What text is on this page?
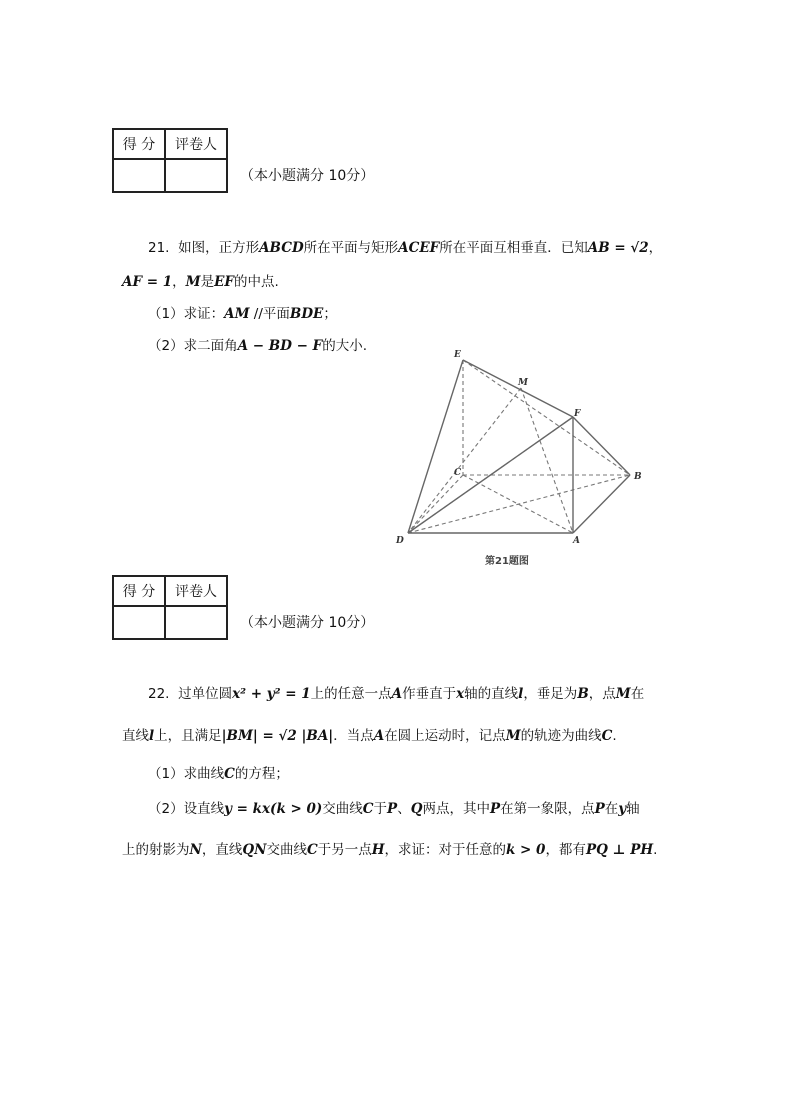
得 分	评卷人

（本小题满分 10分）
21. 如图，正方形ABCD所在平面与矩形ACEF所在平面互相垂直．已知AB = √2，
AF = 1，M是EF的中点.
（1）求证：AM //平面BDE；
（2）求二面角A − BD − F的大小.
E
M
F
C	B
D	A
第21题图
得 分	评卷人

（本小题满分 10分）
22. 过单位圆x² + y² = 1上的任意一点A作垂直于x轴的直线l，垂足为B，点M在
直线l上，且满足|BM| = √2 |BA|．当点A在圆上运动时，记点M的轨迹为曲线C.
（1）求曲线C的方程；
（2）设直线y = kx(k > 0)交曲线C于P、Q两点，其中P在第一象限，点P在y轴
上的射影为N，直线QN交曲线C于另一点H，求证：对于任意的k > 0，都有PQ ⊥ PH.
